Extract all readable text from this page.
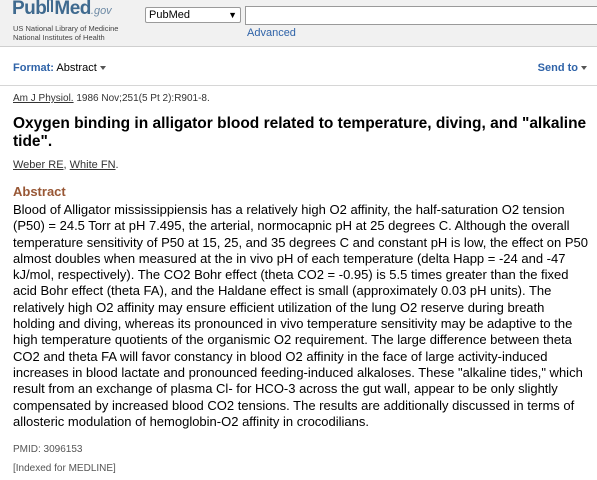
Pub Med.gov
US National Library of Medicine
National Institutes of Health
PubMed	▼
Advanced
Format: Abstract	Send to
Am J Physiol. 1986 Nov;251(5 Pt 2):R901-8.
Oxygen binding in alligator blood related to temperature, diving, and "alkaline tide".
Weber RE, White FN.
Abstract

Blood of Alligator mississippiensis has a relatively high O2 affinity, the half-saturation O2 tension (P50) = 24.5 Torr at pH 7.495, the arterial, normocapnic pH at 25 degrees C. Although the overall temperature sensitivity of P50 at 15, 25, and 35 degrees C and constant pH is low, the effect on P50 almost doubles when measured at the in vivo pH of each temperature (delta Happ = -24 and -47 kJ/mol, respectively). The CO2 Bohr effect (theta CO2 = -0.95) is 5.5 times greater than the fixed acid Bohr effect (theta FA), and the Haldane effect is small (approximately 0.03 pH units). The relatively high O2 affinity may ensure efficient utilization of the lung O2 reserve during breath holding and diving, whereas its pronounced in vivo temperature sensitivity may be adaptive to the high temperature quotients of the organismic O2 requirement. The large difference between theta CO2 and theta FA will favor constancy in blood O2 affinity in the face of large activity-induced increases in blood lactate and pronounced feeding-induced alkaloses. These "alkaline tides," which result from an exchange of plasma Cl- for HCO-3 across the gut wall, appear to be only slightly compensated by increased blood CO2 tensions. The results are additionally discussed in terms of allosteric modulation of hemoglobin-O2 affinity in crocodilians.

PMID: 3096153
[Indexed for MEDLINE]
